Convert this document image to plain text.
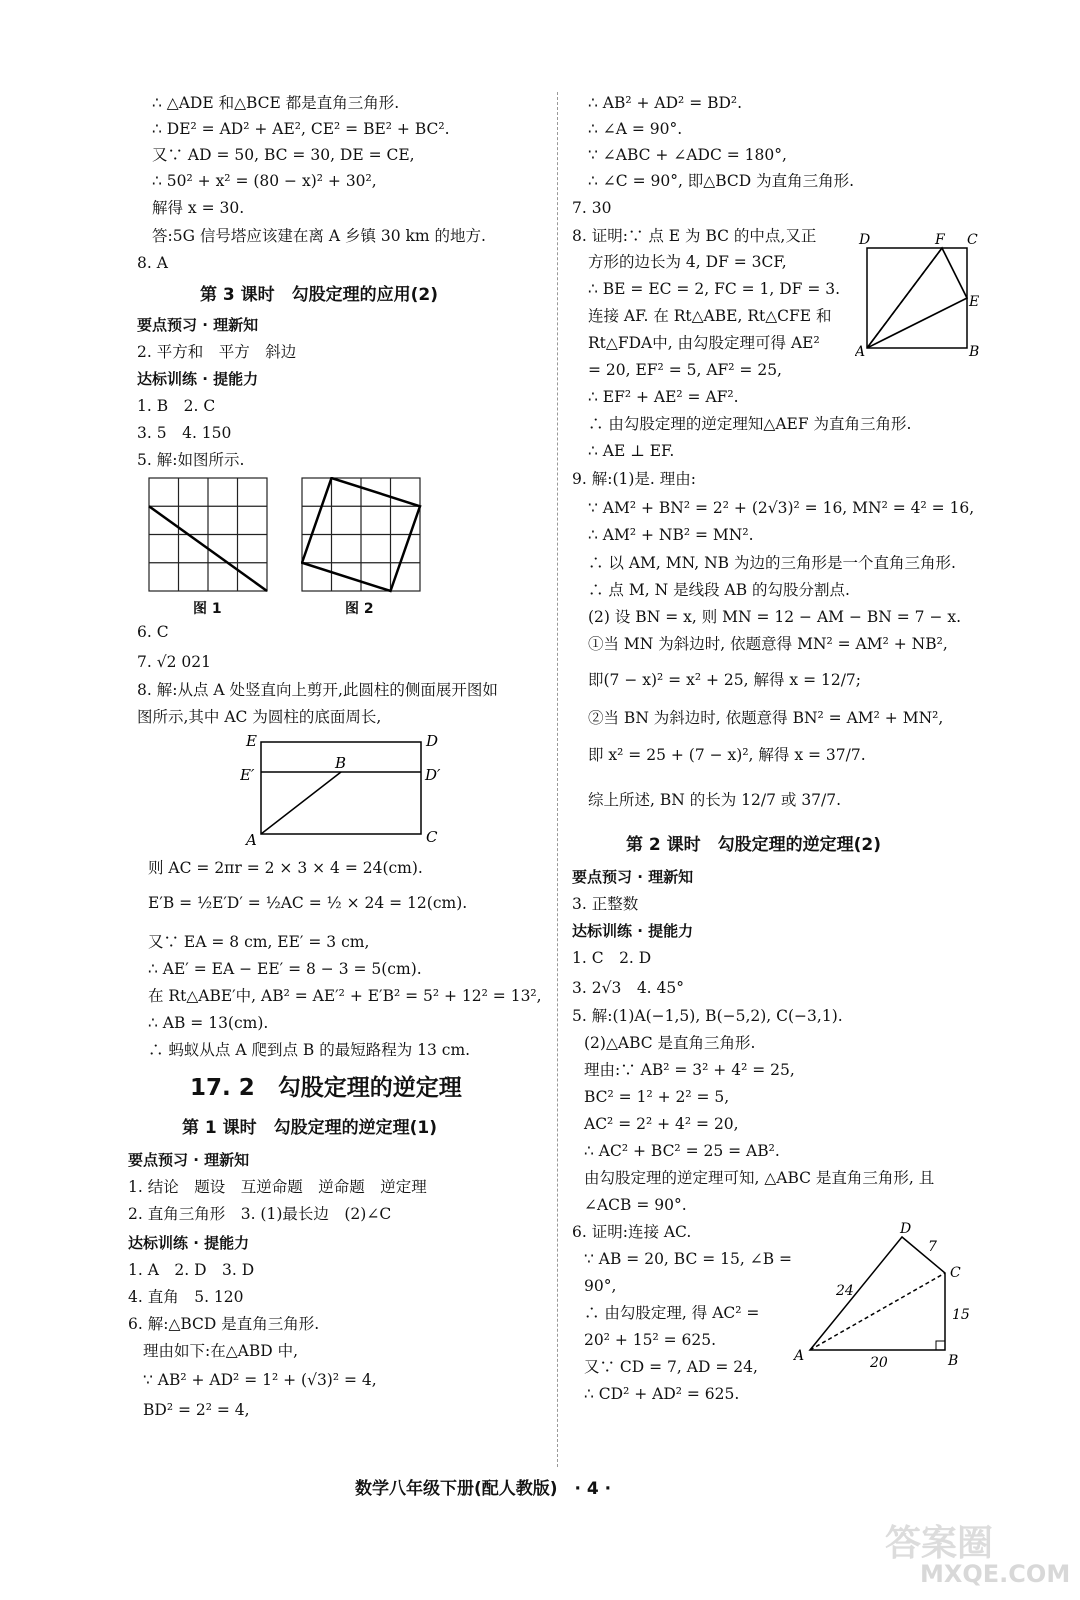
∴ △ADE 和△BCE 都是直角三角形.
∴ DE² = AD² + AE², CE² = BE² + BC².
又∵ AD = 50, BC = 30, DE = CE,
∴ 50² + x² = (80 − x)² + 30²,
解得 x = 30.
答:5G 信号塔应该建在离 A 乡镇 30 km 的地方.
8. A
第 3 课时　勾股定理的应用(2)
要点预习 · 理新知
2. 平方和　平方　斜边
达标训练 · 提能力
1. B　2. C
3. 5　4. 150
5. 解:如图所示.
图 1	图 2
6. C
7. √2 021
8. 解:从点 A 处竖直向上剪开,此圆柱的侧面展开图如
图所示,其中 AC 为圆柱的底面周长,
E	D
E′	D′
B
A	C
则 AC = 2πr = 2 × 3 × 4 = 24(cm).
E′B = ½E′D′ = ½AC = ½ × 24 = 12(cm).
又∵ EA = 8 cm, EE′ = 3 cm,
∴ AE′ = EA − EE′ = 8 − 3 = 5(cm).
在 Rt△ABE′中, AB² = AE′² + E′B² = 5² + 12² = 13²,
∴ AB = 13(cm).
∴ 蚂蚁从点 A 爬到点 B 的最短路程为 13 cm.
17. 2　勾股定理的逆定理
第 1 课时　勾股定理的逆定理(1)
要点预习 · 理新知
1. 结论　题设　互逆命题　逆命题　逆定理
2. 直角三角形　3. (1)最长边　(2)∠C
达标训练 · 提能力
1. A　2. D　3. D
4. 直角　5. 120
6. 解:△BCD 是直角三角形.
理由如下:在△ABD 中,
∵ AB² + AD² = 1² + (√3)² = 4,
BD² = 2² = 4,
∴ AB² + AD² = BD².
∴ ∠A = 90°.
∵ ∠ABC + ∠ADC = 180°,
∴ ∠C = 90°, 即△BCD 为直角三角形.
7. 30
8. 证明:∵ 点 E 为 BC 的中点,又正
方形的边长为 4, DF = 3CF,
∴ BE = EC = 2, FC = 1, DF = 3.
连接 AF. 在 Rt△ABE, Rt△CFE 和
Rt△FDA中, 由勾股定理可得 AE²
= 20, EF² = 5, AF² = 25,
∴ EF² + AE² = AF².
∴ 由勾股定理的逆定理知△AEF 为直角三角形.
∴ AE ⊥ EF.
D	F C
E
A	B
9. 解:(1)是. 理由:
∵ AM² + BN² = 2² + (2√3)² = 16, MN² = 4² = 16,
∴ AM² + NB² = MN².
∴ 以 AM, MN, NB 为边的三角形是一个直角三角形.
∴ 点 M, N 是线段 AB 的勾股分割点.
(2) 设 BN = x, 则 MN = 12 − AM − BN = 7 − x.
①当 MN 为斜边时, 依题意得 MN² = AM² + NB²,
即(7 − x)² = x² + 25, 解得 x = 12/7;
②当 BN 为斜边时, 依题意得 BN² = AM² + MN²,
即 x² = 25 + (7 − x)², 解得 x = 37/7.
综上所述, BN 的长为 12/7 或 37/7.
第 2 课时　勾股定理的逆定理(2)
要点预习 · 理新知
3. 正整数
达标训练 · 提能力
1. C　2. D
3. 2√3　4. 45°
5. 解:(1)A(−1,5), B(−5,2), C(−3,1).
(2)△ABC 是直角三角形.
理由:∵ AB² = 3² + 4² = 25,
BC² = 1² + 2² = 5,
AC² = 2² + 4² = 20,
∴ AC² + BC² = 25 = AB².
由勾股定理的逆定理可知, △ABC 是直角三角形, 且
∠ACB = 90°.
6. 证明:连接 AC.
∵ AB = 20, BC = 15, ∠B =
90°,
∴ 由勾股定理, 得 AC² =
20² + 15² = 625.
又∵ CD = 7, AD = 24,
∴ CD² + AD² = 625.
D
C
A	B
7
24
15
20
数学八年级下册(配人教版)　· 4 ·
答案圈
MXQE.COM
